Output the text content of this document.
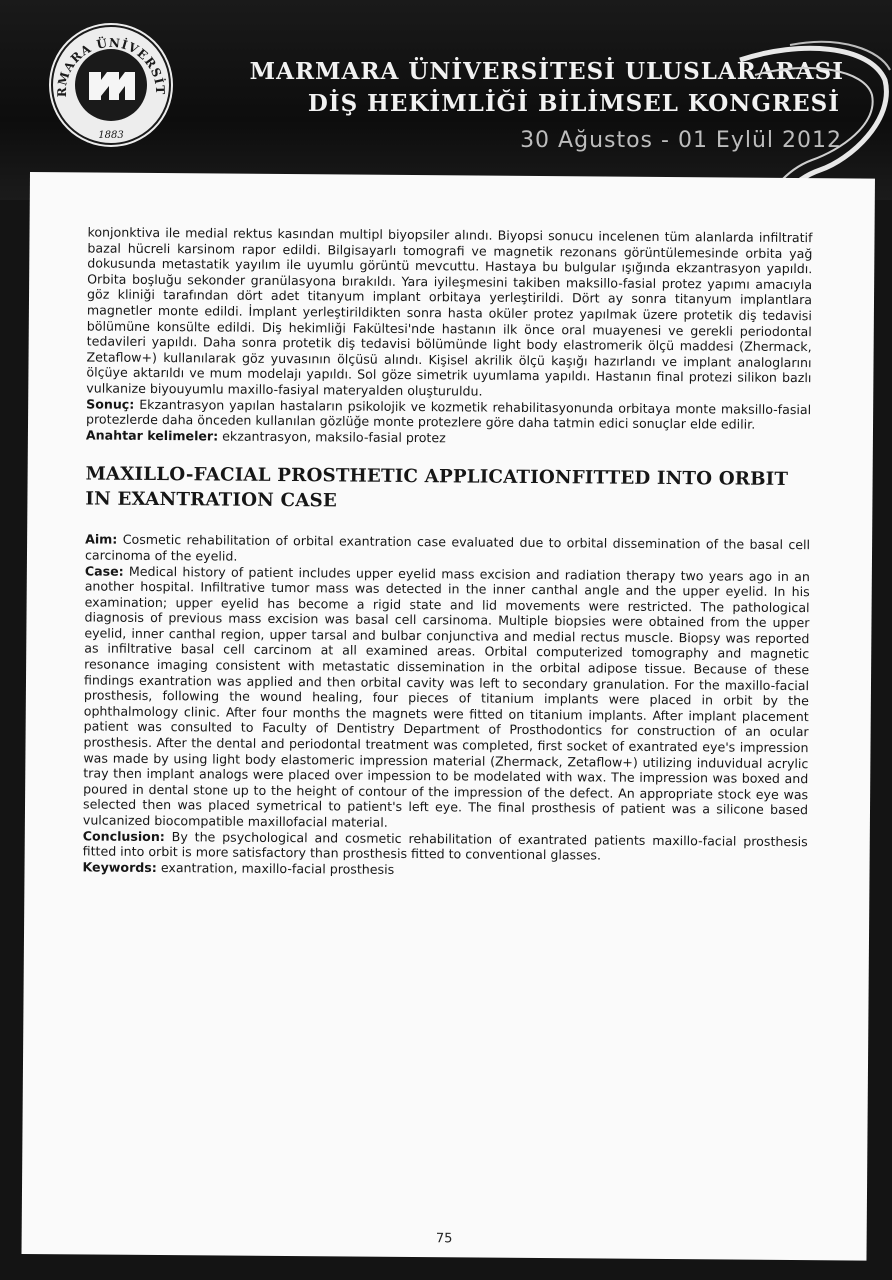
RMARA ÜNİVERSİT
1883
MARMARA ÜNİVERSİTESİ ULUSLARARASI
DİŞ HEKİMLİĞİ BİLİMSEL KONGRESİ
30 Ağustos - 01 Eylül 2012

konjonktiva ile medial rektus kasından multipl biyopsiler alındı. Biyopsi sonucu incelenen tüm alanlarda infiltratif bazal hücreli karsinom rapor edildi. Bilgisayarlı tomografi ve magnetik rezonans görüntülemesinde orbita yağ dokusunda metastatik yayılım ile uyumlu görüntü mevcuttu. Hastaya bu bulgular ışığında ekzantrasyon yapıldı. Orbita boşluğu sekonder granülasyona bırakıldı. Yara iyileşmesini takiben maksillo-fasial protez yapımı amacıyla göz kliniği tarafından dört adet titanyum implant orbitaya yerleştirildi. Dört ay sonra titanyum implantlara magnetler monte edildi. İmplant yerleştirildikten sonra hasta oküler protez yapılmak üzere protetik diş tedavisi bölümüne konsülte edildi. Diş hekimliği Fakültesi'nde hastanın ilk önce oral muayenesi ve gerekli periodontal tedavileri yapıldı. Daha sonra protetik diş tedavisi bölümünde light body elastromerik ölçü maddesi (Zhermack, Zetaflow+) kullanılarak göz yuvasının ölçüsü alındı. Kişisel akrilik ölçü kaşığı hazırlandı ve implant analoglarını ölçüye aktarıldı ve mum modelajı yapıldı. Sol göze simetrik uyumlama yapıldı. Hastanın final protezi silikon bazlı vulkanize biyouyumlu maxillo-fasiyal materyalden oluşturuldu.

Sonuç: Ekzantrasyon yapılan hastaların psikolojik ve kozmetik rehabilitasyonunda orbitaya monte maksillo-fasial protezlerde daha önceden kullanılan gözlüğe monte protezlere göre daha tatmin edici sonuçlar elde edilir.

Anahtar kelimeler: ekzantrasyon, maksilo-fasial protez

MAXILLO-FACIAL PROSTHETIC APPLICATIONFITTED INTO ORBIT IN EXANTRATION CASE

Aim: Cosmetic rehabilitation of orbital exantration case evaluated due to orbital dissemination of the basal cell carcinoma of the eyelid.

Case: Medical history of patient includes upper eyelid mass excision and radiation therapy two years ago in an another hospital. Infiltrative tumor mass was detected in the inner canthal angle and the upper eyelid. In his examination; upper eyelid has become a rigid state and lid movements were restricted. The pathological diagnosis of previous mass excision was basal cell carsinoma. Multiple biopsies were obtained from the upper eyelid, inner canthal region, upper tarsal and bulbar conjunctiva and medial rectus muscle. Biopsy was reported as infiltrative basal cell carcinom at all examined areas. Orbital computerized tomography and magnetic resonance imaging consistent with metastatic dissemination in the orbital adipose tissue. Because of these findings exantration was applied and then orbital cavity was left to secondary granulation. For the maxillo-facial prosthesis, following the wound healing, four pieces of titanium implants were placed in orbit by the ophthalmology clinic. After four months the magnets were fitted on titanium implants. After implant placement patient was consulted to Faculty of Dentistry Department of Prosthodontics for construction of an ocular prosthesis. After the dental and periodontal treatment was completed, first socket of exantrated eye's impression was made by using light body elastomeric impression material (Zhermack, Zetaflow+) utilizing induvidual acrylic tray then implant analogs were placed over impession to be modelated with wax. The impression was boxed and poured in dental stone up to the height of contour of the impression of the defect. An appropriate stock eye was selected then was placed symetrical to patient's left eye. The final prosthesis of patient was a silicone based vulcanized biocompatible maxillofacial material.

Conclusion: By the psychological and cosmetic rehabilitation of exantrated patients maxillo-facial prosthesis fitted into orbit is more satisfactory than prosthesis fitted to conventional glasses.

Keywords: exantration, maxillo-facial prosthesis

75
